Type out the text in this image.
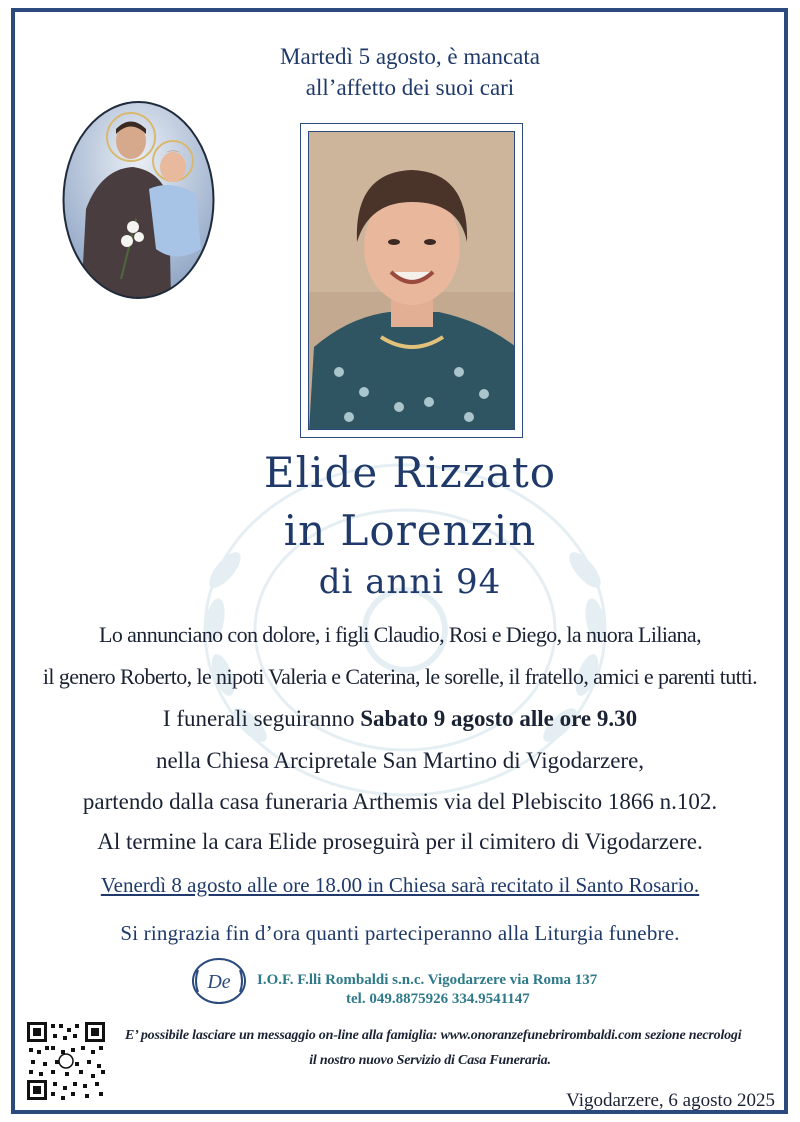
Martedì 5 agosto, è mancata
all’affetto dei suoi cari
Elide Rizzato
in Lorenzin
di anni 94
Lo annunciano con dolore, i figli Claudio, Rosi e Diego, la nuora Liliana,
il genero Roberto, le nipoti Valeria e Caterina, le sorelle, il fratello, amici e parenti tutti.
I funerali seguiranno Sabato 9 agosto alle ore 9.30
nella Chiesa Arcipretale San Martino di Vigodarzere,
partendo dalla casa funeraria Arthemis via del Plebiscito 1866 n.102.
Al termine la cara Elide proseguirà per il cimitero di Vigodarzere.
Venerdì 8 agosto alle ore 18.00 in Chiesa sarà recitato il Santo Rosario.
Si ringrazia fin d’ora quanti parteciperanno alla Liturgia funebre.
De I.O.F. F.lli Rombaldi s.n.c. Vigodarzere via Roma 137
tel. 049.8875926 334.9541147
E’ possibile lasciare un messaggio on-line alla famiglia: www.onoranzefunebrirombaldi.com sezione necrologi
il nostro nuovo Servizio di Casa Funeraria.
Vigodarzere, 6 agosto 2025
